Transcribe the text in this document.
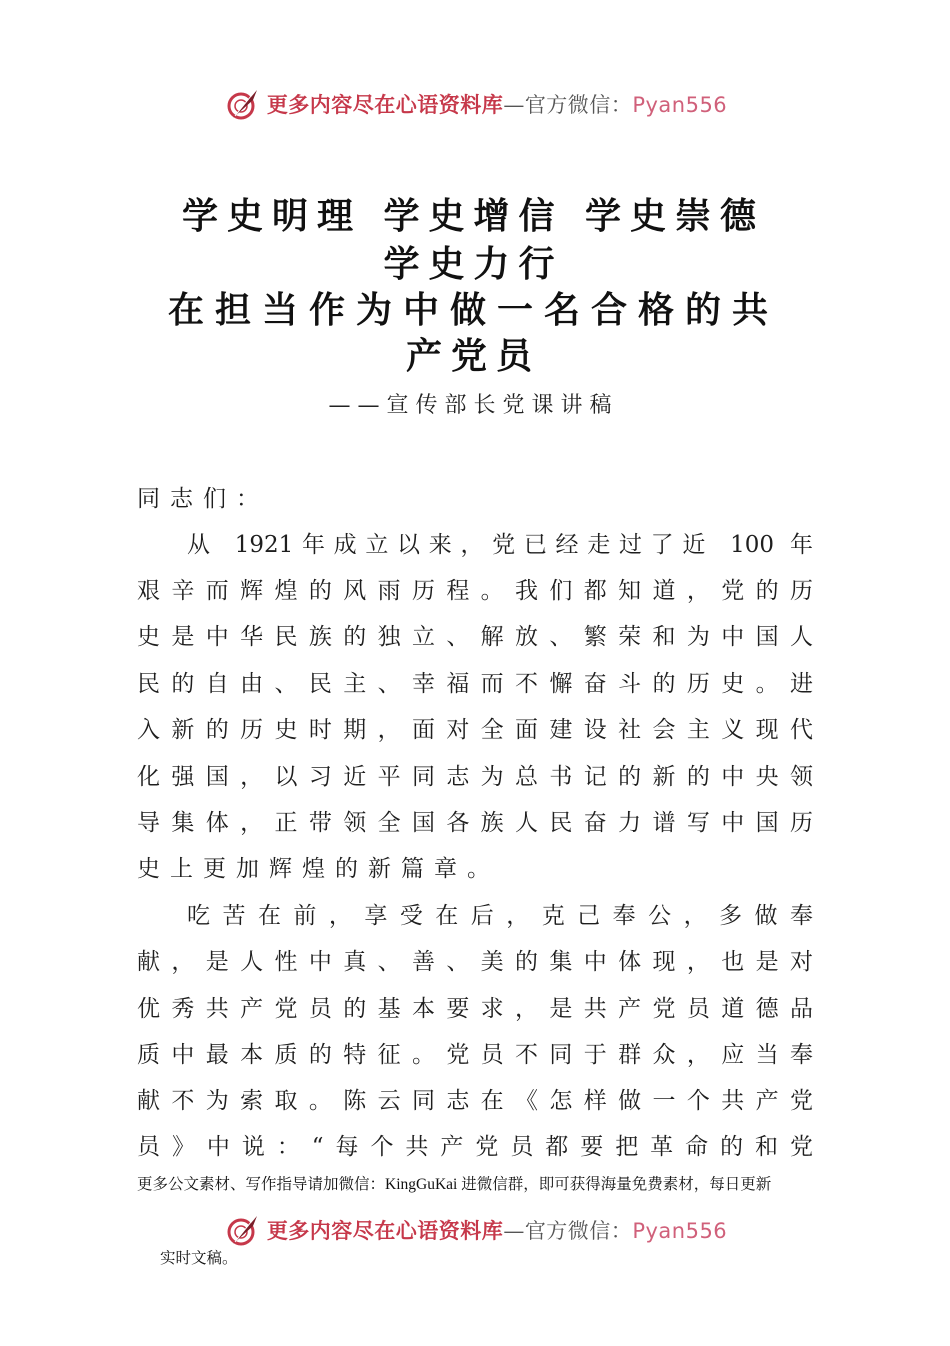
更多内容尽在心语资料库—官方微信：Pyan556
学史明理 学史增信 学史崇德
学史力行
在担当作为中做一名合格的共
产党员
——宣传部长党课讲稿
同志们：
从 1921年成立以来，党已经走过了近 100 年
艰辛而辉煌的风雨历程。我们都知道，党的历
史是中华民族的独立、解放、繁荣和为中国人
民的自由、民主、幸福而不懈奋斗的历史。进
入新的历史时期，面对全面建设社会主义现代
化强国，以习近平同志为总书记的新的中央领
导集体，正带领全国各族人民奋力谱写中国历
史上更加辉煌的新篇章。
吃苦在前，享受在后，克己奉公，多做奉
献，是人性中真、善、美的集中体现，也是对
优秀共产党员的基本要求，是共产党员道德品
质中最本质的特征。党员不同于群众，应当奉
献不为索取。陈云同志在《怎样做一个共产党
员》中说：“每个共产党员都要把革命的和党
更多公文素材、写作指导请加微信：KingGuKai 进微信群，即可获得海量免费素材，每日更新
更多内容尽在心语资料库—官方微信：Pyan556
实时文稿。
